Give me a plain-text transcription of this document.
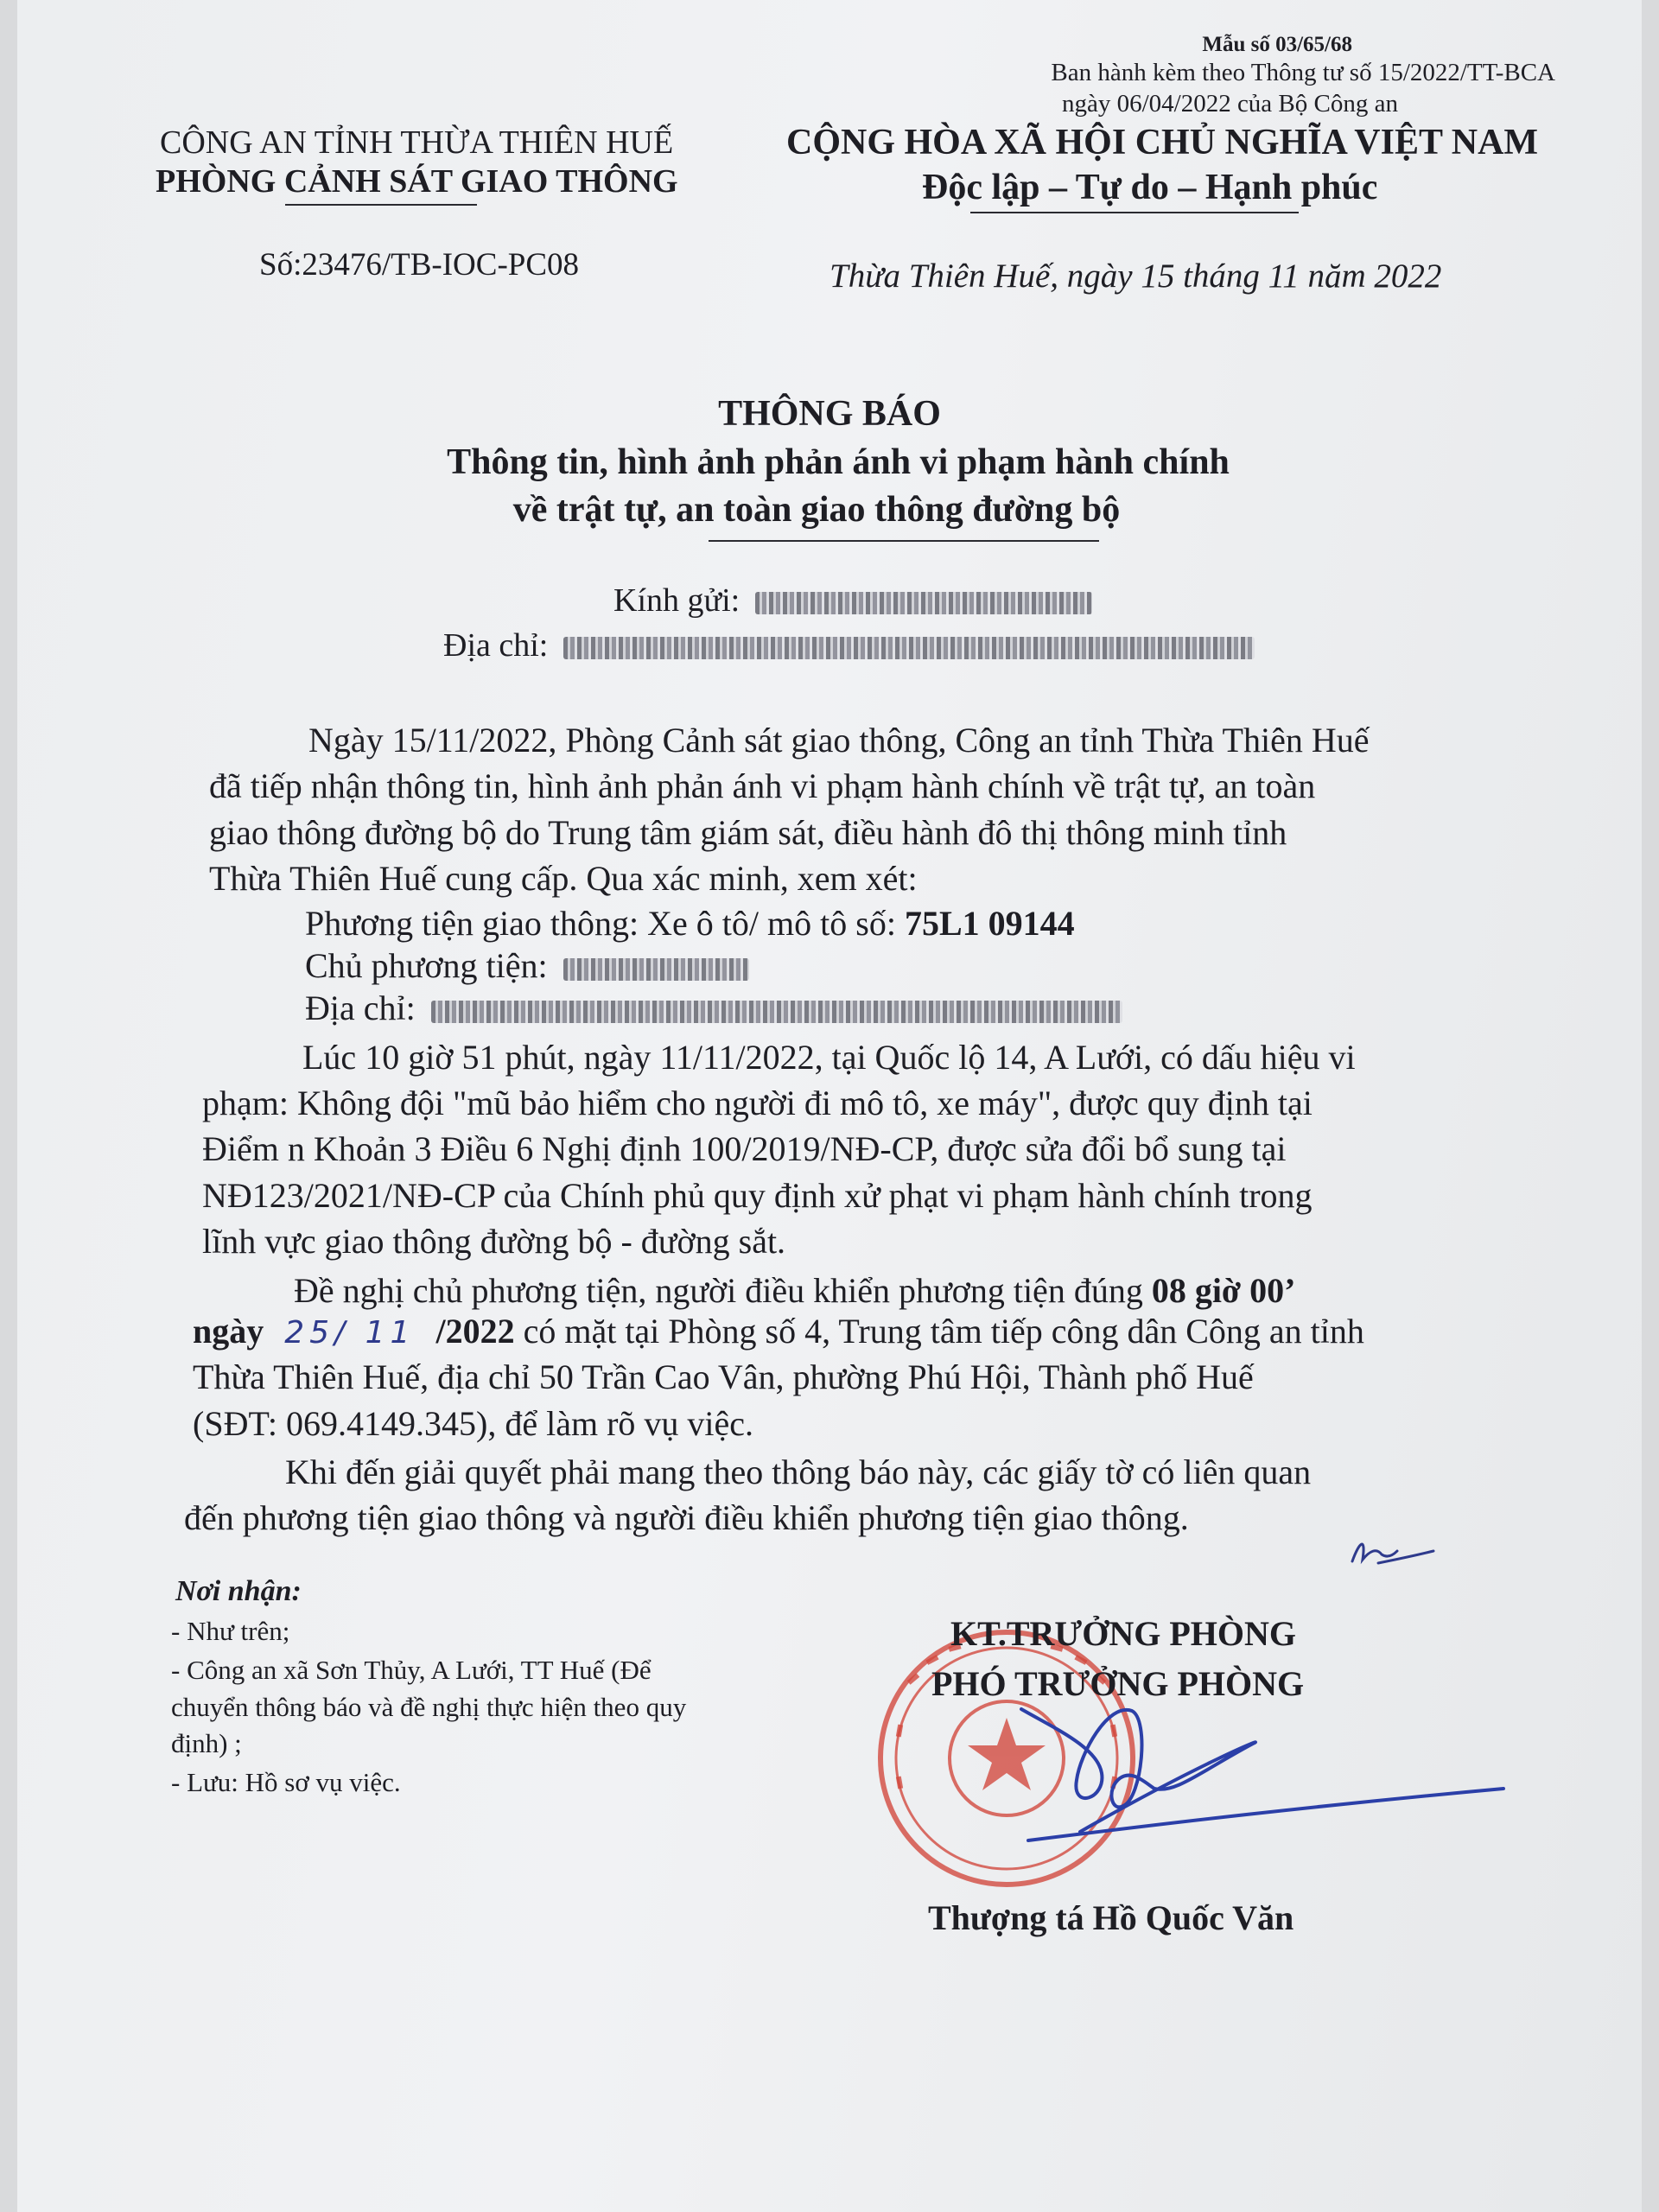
Mẫu số 03/65/68
Ban hành kèm theo Thông tư số 15/2022/TT-BCA
ngày 06/04/2022 của Bộ Công an
CÔNG AN TỈNH THỪA THIÊN HUẾ
PHÒNG CẢNH SÁT GIAO THÔNG
CỘNG HÒA XÃ HỘI CHỦ NGHĨA VIỆT NAM
Độc lập – Tự do – Hạnh phúc
Số:23476/TB-IOC-PC08	Thừa Thiên Huế, ngày 15 tháng 11 năm 2022
THÔNG BÁO
Thông tin, hình ảnh phản ánh vi phạm hành chính
về trật tự, an toàn giao thông đường bộ
Kính gửi:
Địa chỉ:
Ngày 15/11/2022, Phòng Cảnh sát giao thông, Công an tỉnh Thừa Thiên Huế
đã tiếp nhận thông tin, hình ảnh phản ánh vi phạm hành chính về trật tự, an toàn
giao thông đường bộ do Trung tâm giám sát, điều hành đô thị thông minh tỉnh
Thừa Thiên Huế cung cấp. Qua xác minh, xem xét:
Phương tiện giao thông: Xe ô tô/ mô tô số: 75L1 09144
Chủ phương tiện:
Địa chỉ:
Lúc 10 giờ 51 phút, ngày 11/11/2022, tại Quốc lộ 14, A Lưới, có dấu hiệu vi
phạm: Không đội "mũ bảo hiểm cho người đi mô tô, xe máy", được quy định tại
Điểm n Khoản 3 Điều 6 Nghị định 100/2019/NĐ-CP, được sửa đổi bổ sung tại
NĐ123/2021/NĐ-CP của Chính phủ quy định xử phạt vi phạm hành chính trong
lĩnh vực giao thông đường bộ - đường sắt.
Đề nghị chủ phương tiện, người điều khiển phương tiện đúng 08 giờ 00’
ngày 25/ 11 /2022 có mặt tại Phòng số 4, Trung tâm tiếp công dân Công an tỉnh
Thừa Thiên Huế, địa chỉ 50 Trần Cao Vân, phường Phú Hội, Thành phố Huế
(SĐT: 069.4149.345), để làm rõ vụ việc.
Khi đến giải quyết phải mang theo thông báo này, các giấy tờ có liên quan
đến phương tiện giao thông và người điều khiển phương tiện giao thông.
Nơi nhận:
- Như trên;
- Công an xã Sơn Thủy, A Lưới, TT Huế (Để
chuyển thông báo và đề nghị thực hiện theo quy
định) ;
- Lưu: Hồ sơ vụ việc.
KT.TRƯỞNG PHÒNG
PHÓ TRƯỞNG PHÒNG
Thượng tá Hồ Quốc Văn
